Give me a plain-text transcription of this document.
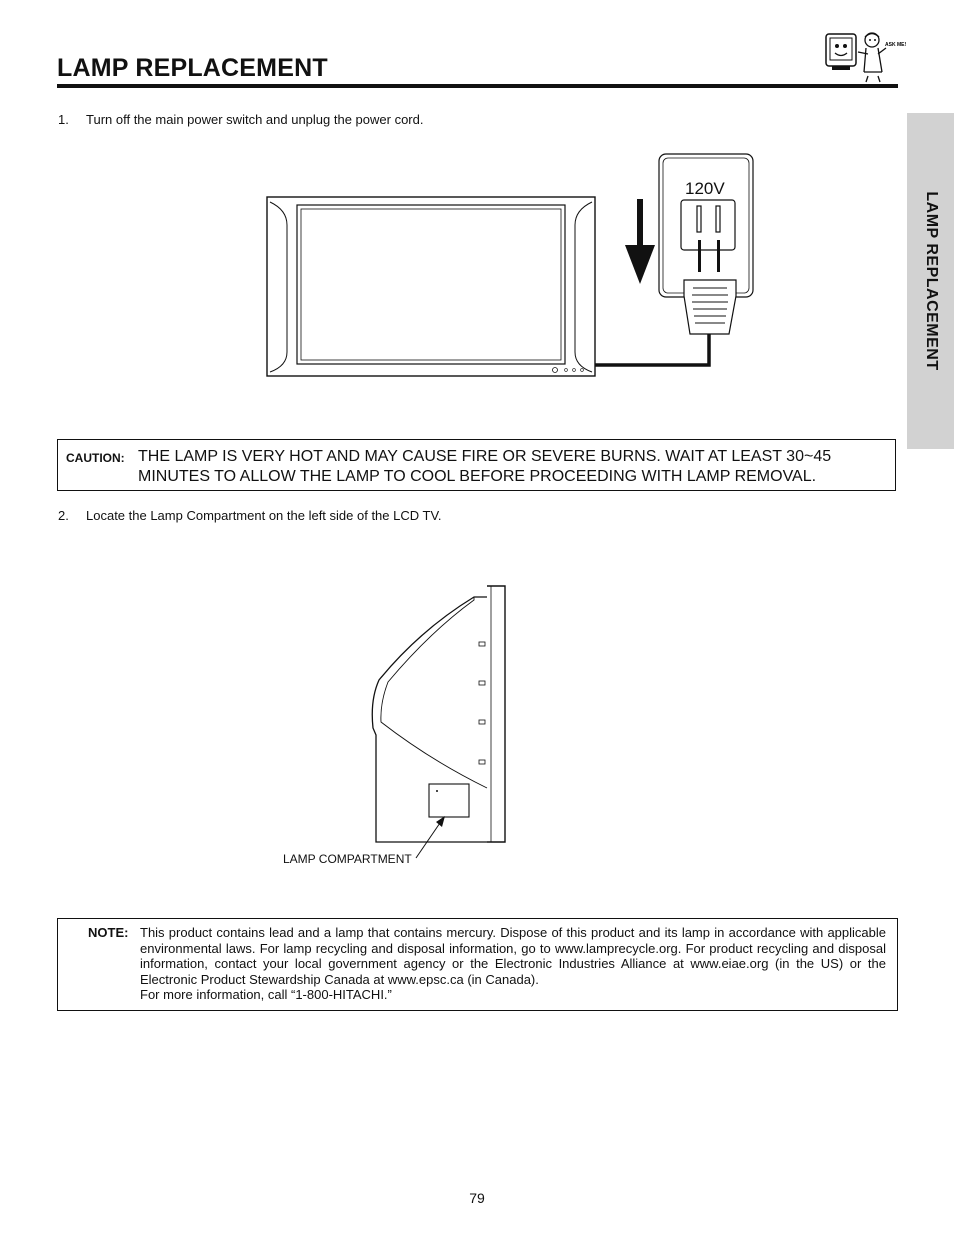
LAMP REPLACEMENT
ASK ME!
LAMP REPLACEMENT
1. Turn off the main power switch and unplug the power cord.
120V
CAUTION: THE LAMP IS VERY HOT AND MAY CAUSE FIRE OR SEVERE BURNS. WAIT AT LEAST 30~45 MINUTES TO ALLOW THE LAMP TO COOL BEFORE PROCEEDING WITH LAMP REMOVAL.
2. Locate the Lamp Compartment on the left side of the LCD TV.
LAMP COMPARTMENT
NOTE: This product contains lead and a lamp that contains mercury. Dispose of this product and its lamp in accordance with applicable environmental laws. For lamp recycling and disposal information, go to www.lamprecycle.org. For product recycling and disposal information, contact your local government agency or the Electronic Industries Alliance at www.eiae.org (in the US) or the Electronic Product Stewardship Canada at www.epsc.ca (in Canada).

For more information, call “1-800-HITACHI.”

79
